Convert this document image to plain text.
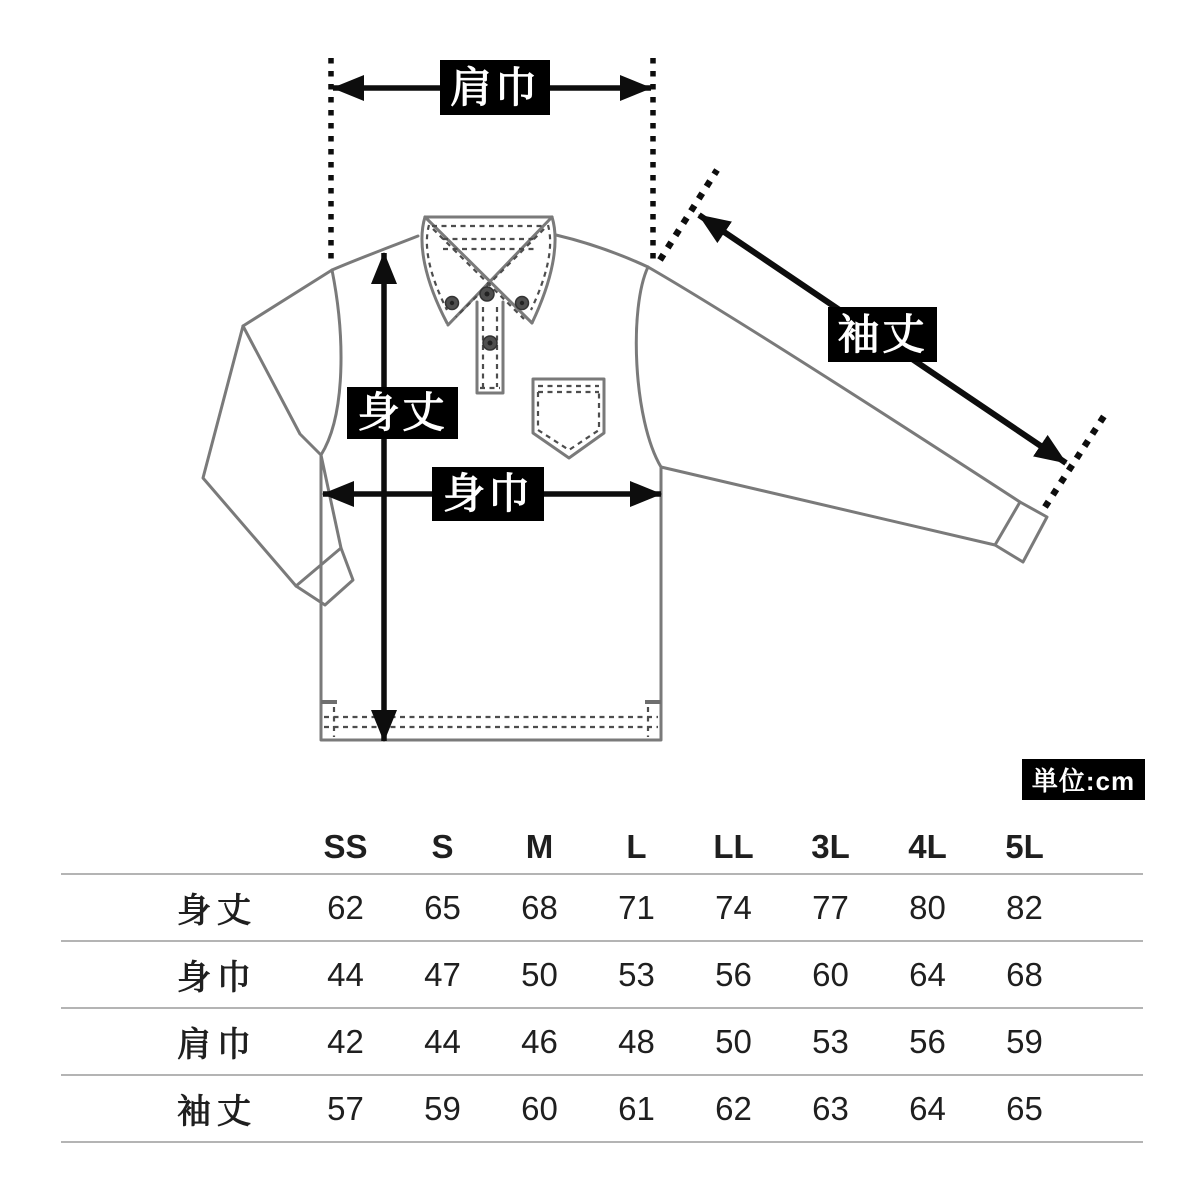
肩巾
身丈
身巾
袖丈
単位:cm
	SS	S	M	L	LL	3L	4L	5L	
身丈	62	65	68	71	74	77	80	82	
身巾	44	47	50	53	56	60	64	68	
肩巾	42	44	46	48	50	53	56	59	
袖丈	57	59	60	61	62	63	64	65	
